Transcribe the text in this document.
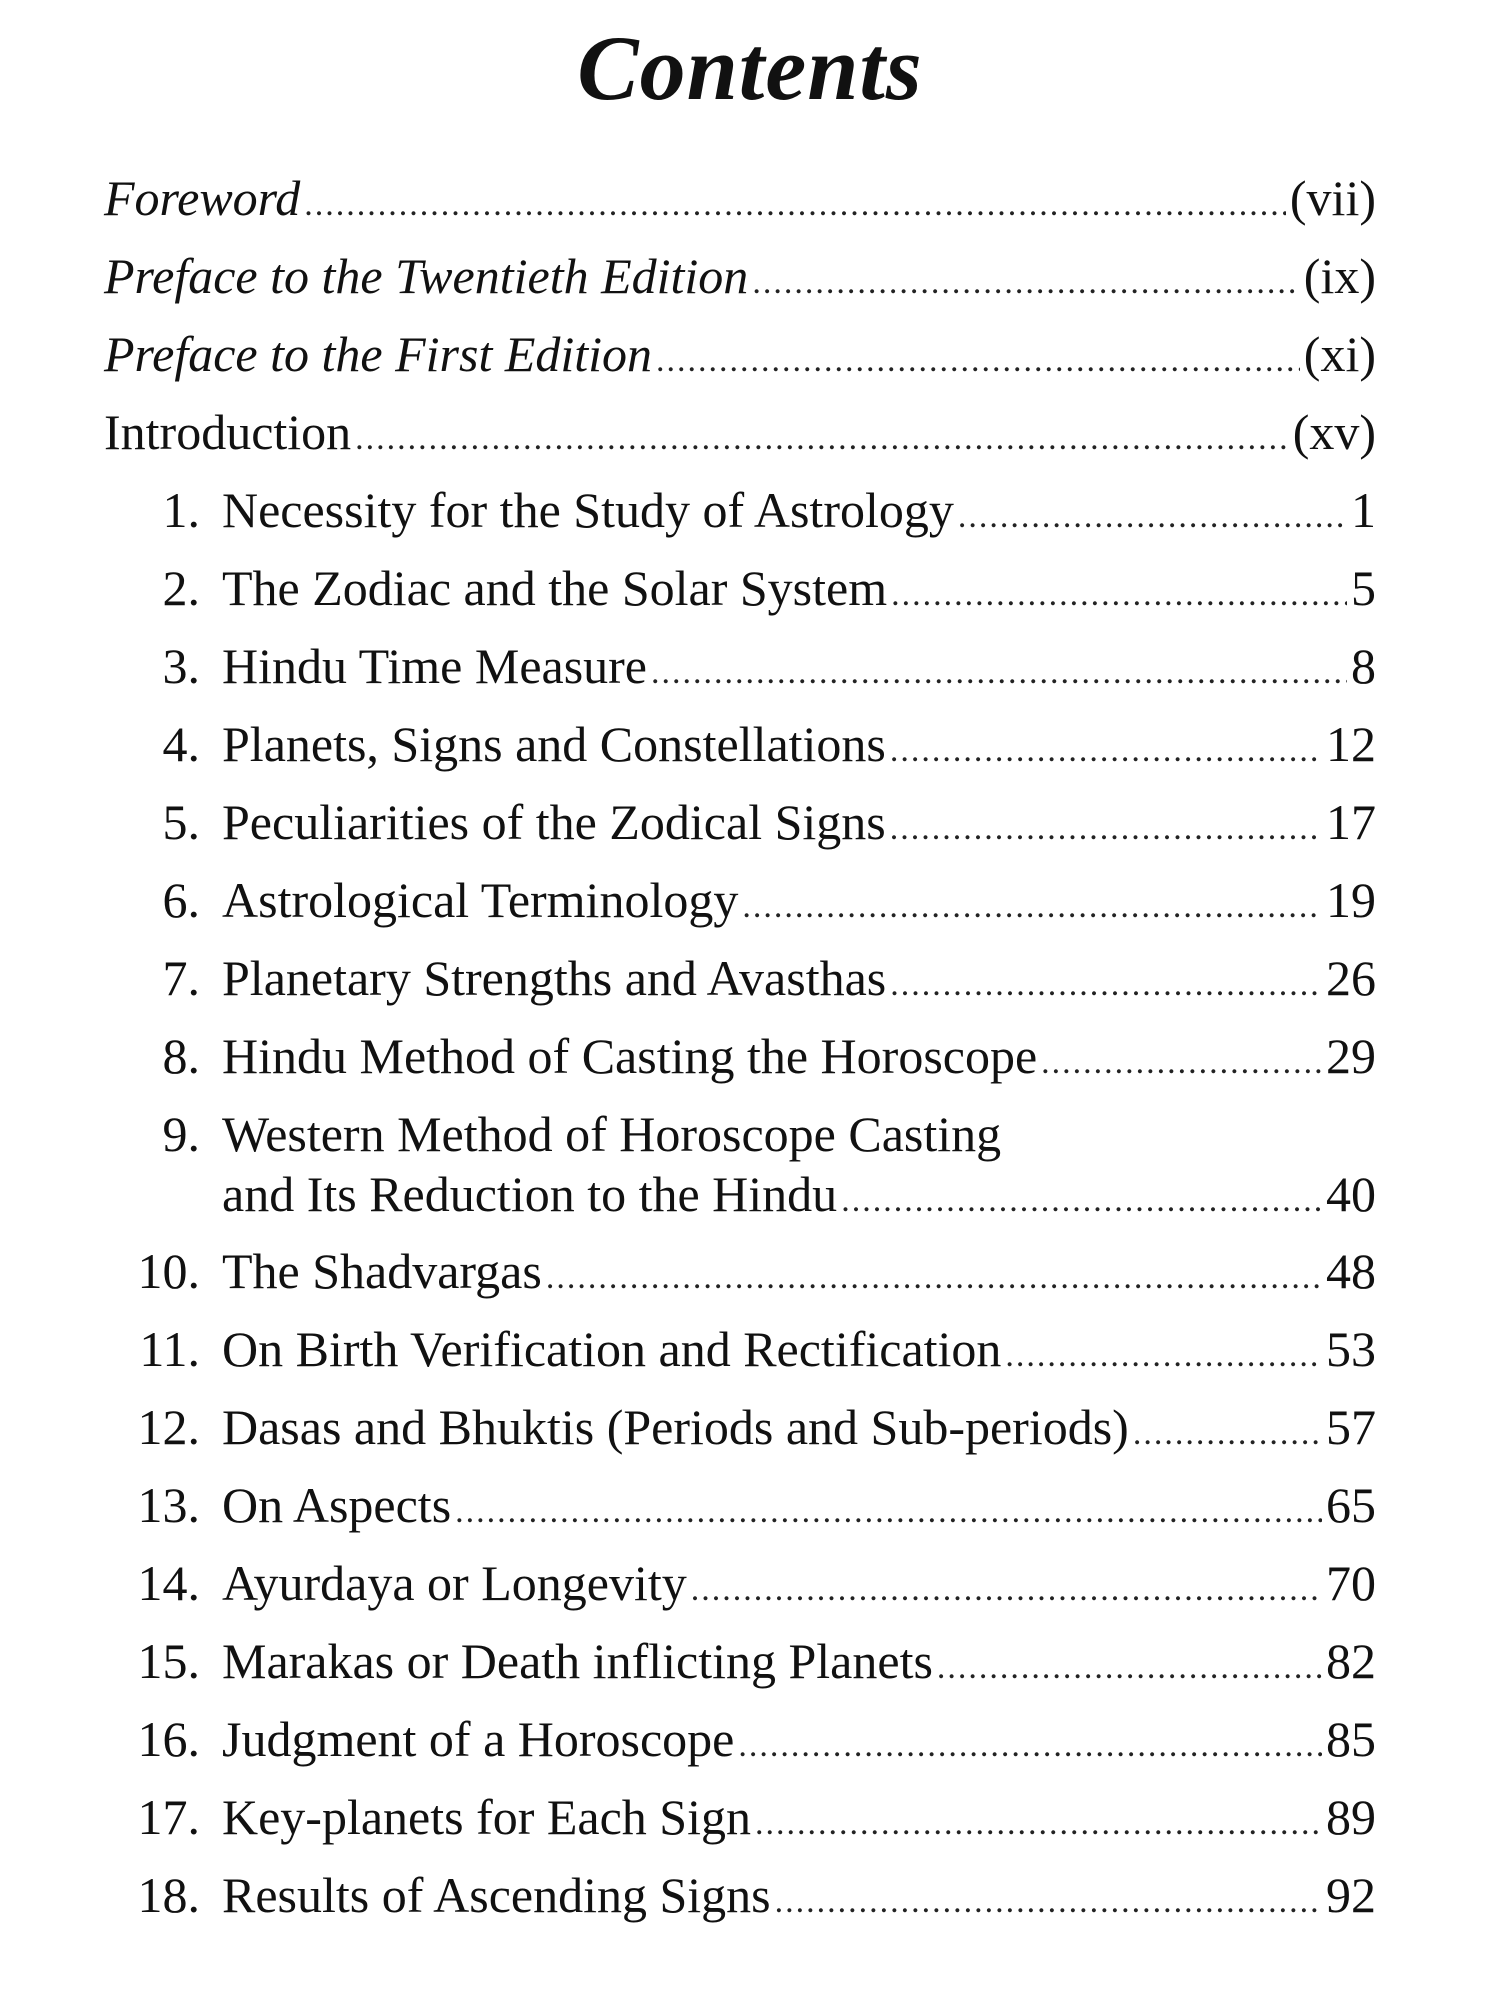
Contents
Foreword .....	(vii)
Preface to the Twentieth Edition .....	(ix)
Preface to the First Edition .....	(xi)
Introduction .....	(xv)
1. Necessity for the Study of Astrology .....	1
2. The Zodiac and the Solar System .....	5
3. Hindu Time Measure .....	8
4. Planets, Signs and Constellations .....	12
5. Peculiarities of the Zodical Signs .....	17
6. Astrological Terminology .....	19
7. Planetary Strengths and Avasthas .....	26
8. Hindu Method of Casting the Horoscope .....	29
9. Western Method of Horoscope Casting
and Its Reduction to the Hindu .....	40
10. The Shadvargas .....	48
11. On Birth Verification and Rectification .....	53
12. Dasas and Bhuktis (Periods and Sub-periods) .....	57
13. On Aspects .....	65
14. Ayurdaya or Longevity .....	70
15. Marakas or Death inflicting Planets .....	82
16. Judgment of a Horoscope .....	85
17. Key-planets for Each Sign .....	89
18. Results of Ascending Signs .....	92
